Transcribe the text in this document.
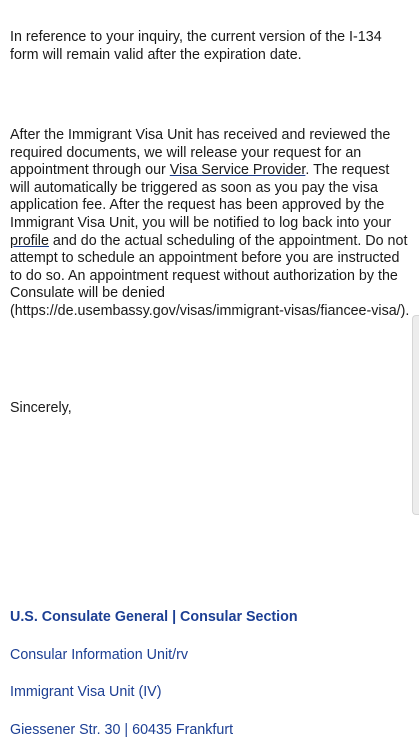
In reference to your inquiry, the current version of the I-134 form will remain valid after the expiration date.

After the Immigrant Visa Unit has received and reviewed the required documents, we will release your request for an appointment through our Visa Service Provider. The request will automatically be triggered as soon as you pay the visa application fee. After the request has been approved by the Immigrant Visa Unit, you will be notified to log back into your profile and do the actual scheduling of the appointment. Do not attempt to schedule an appointment before you are instructed to do so. An appointment request without authorization by the Consulate will be denied (https://de.usembassy.gov/visas/immigrant-visas/fiancee-visa/).

Sincerely,

U.S. Consulate General | Consular Section
Consular Information Unit/rv
Immigrant Visa Unit (IV)
Giessener Str. 30 | 60435 Frankfurt
